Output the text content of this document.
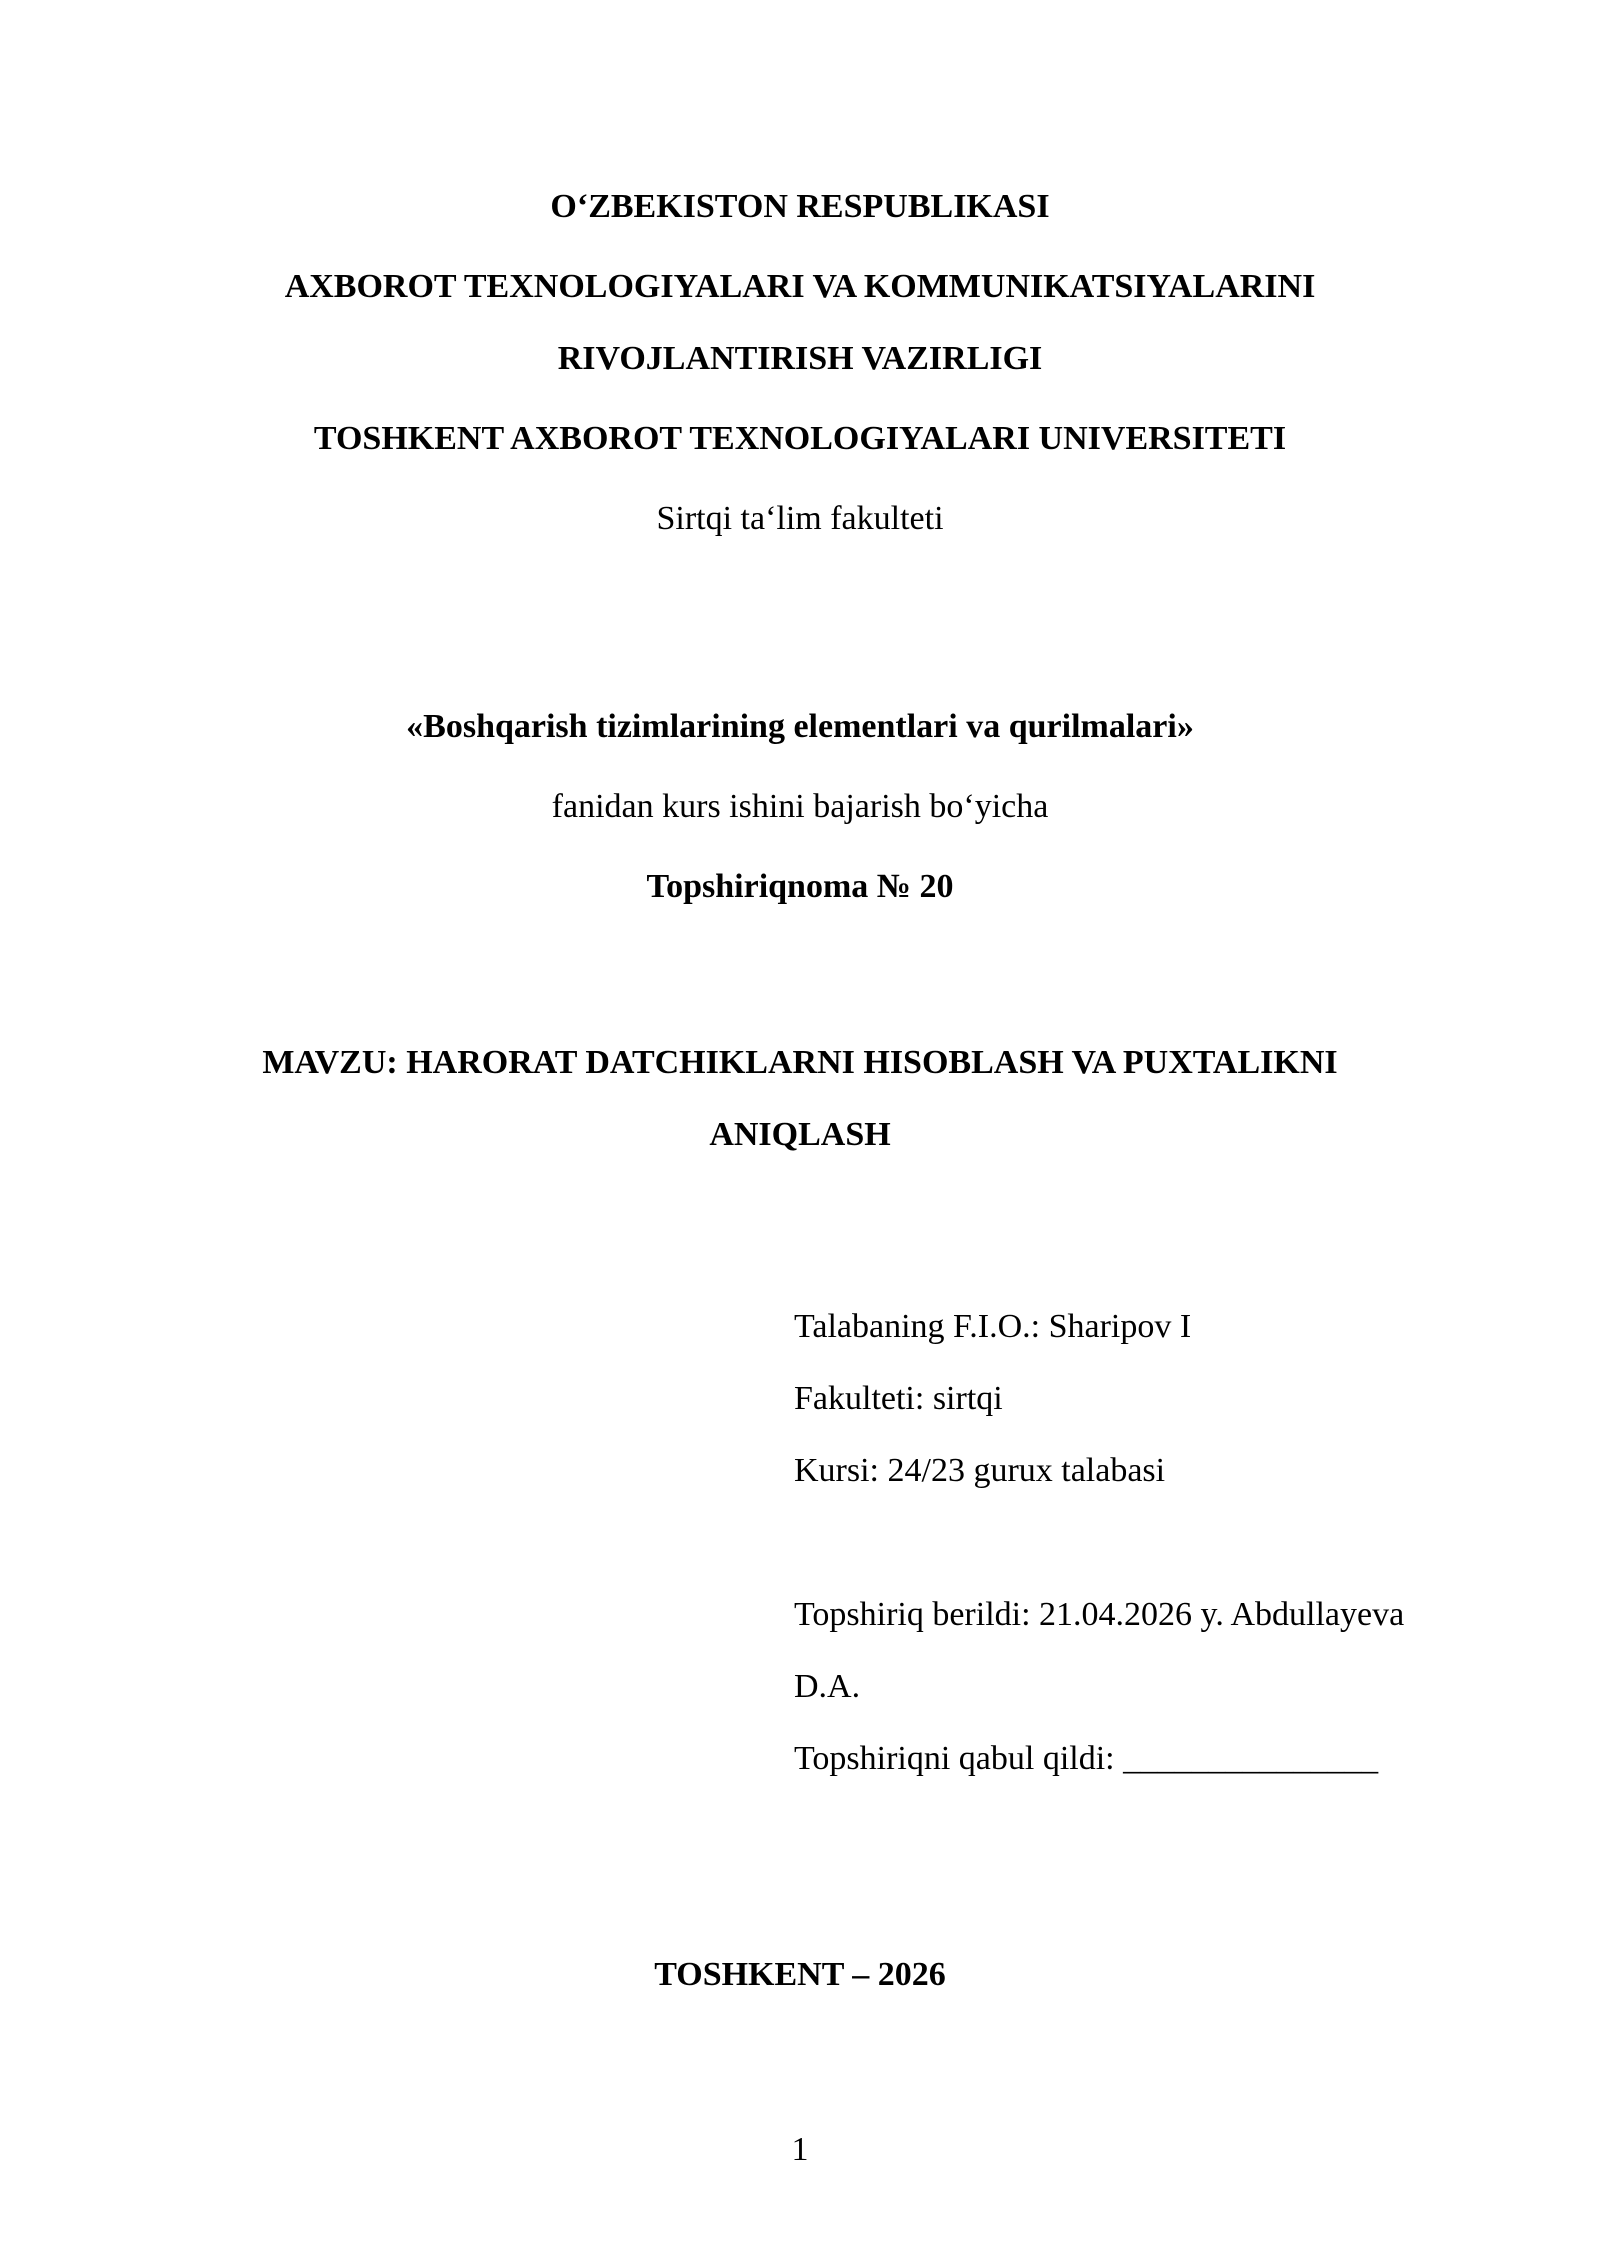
O‘ZBEKISTON RESPUBLIKASI
AXBOROT TEXNOLOGIYALARI VA KOMMUNIKATSIYALARINI
RIVOJLANTIRISH VAZIRLIGI
TOSHKENT AXBOROT TEXNOLOGIYALARI UNIVERSITETI
Sirtqi ta‘lim fakulteti
«Boshqarish tizimlarining elementlari va qurilmalari»
fanidan kurs ishini bajarish bo‘yicha
Topshiriqnoma № 20
MAVZU: HARORAT DATCHIKLARNI HISOBLASH VA PUXTALIKNI
ANIQLASH
Talabaning F.I.O.: Sharipov I
Fakulteti: sirtqi
Kursi: 24/23 gurux talabasi
Topshiriq berildi: 21.04.2026 y. Abdullayeva
D.A.
Topshiriqni qabul qildi: _______________
TOSHKENT – 2026
1
